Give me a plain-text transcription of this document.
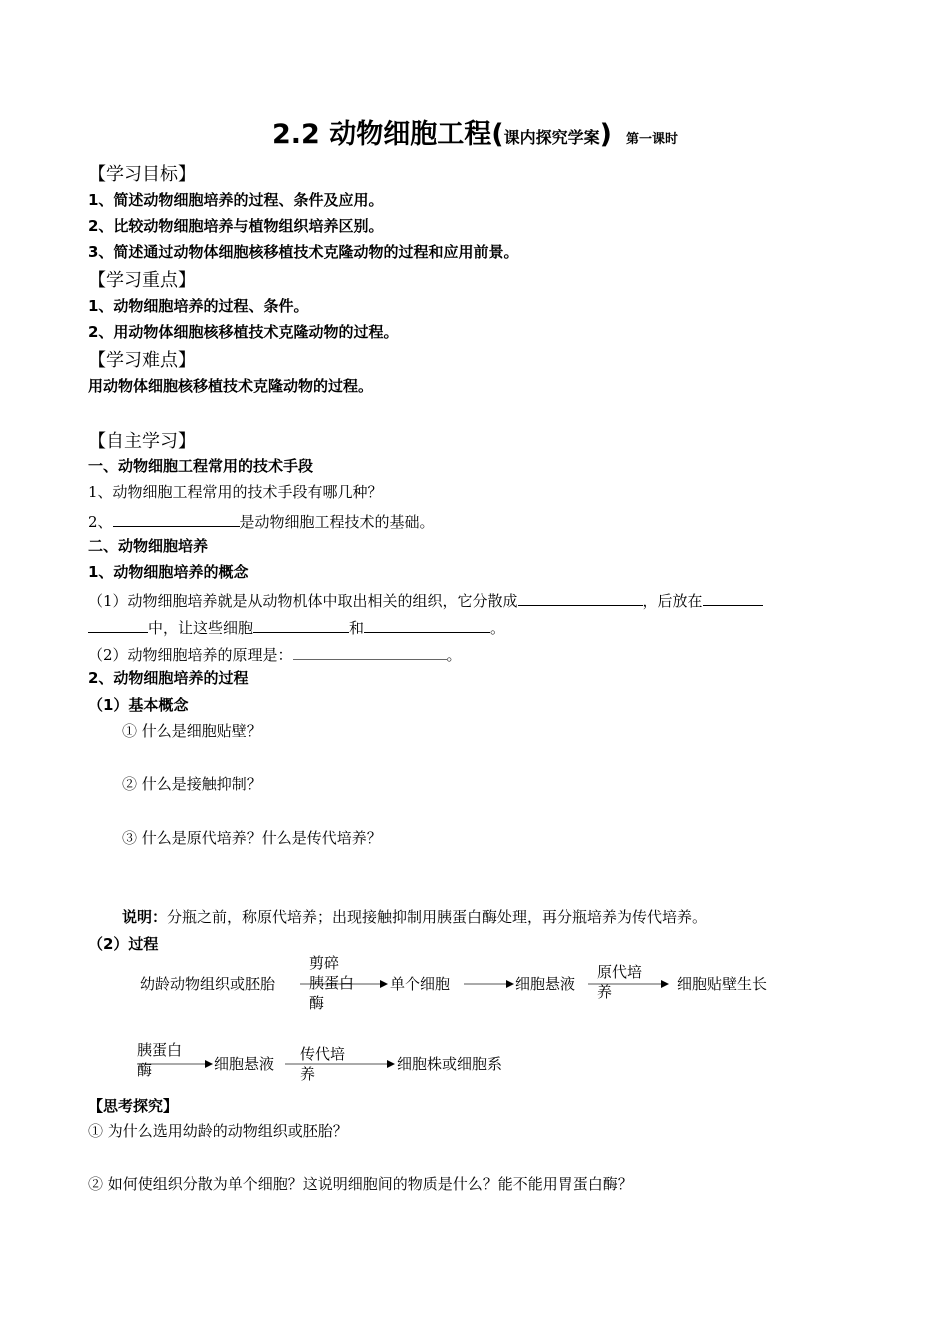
2.2 动物细胞工程(课内探究学案) 第一课时
【学习目标】
1、简述动物细胞培养的过程、条件及应用。
2、比较动物细胞培养与植物组织培养区别。
3、简述通过动物体细胞核移植技术克隆动物的过程和应用前景。
【学习重点】
1、动物细胞培养的过程、条件。
2、用动物体细胞核移植技术克隆动物的过程。
【学习难点】
用动物体细胞核移植技术克隆动物的过程。
【自主学习】
一、动物细胞工程常用的技术手段
1、动物细胞工程常用的技术手段有哪几种？
2、	是动物细胞工程技术的基础。
二、动物细胞培养
1、动物细胞培养的概念
（1）动物细胞培养就是从动物机体中取出相关的组织，它分散成	，后放在
中，让这些细胞	和	。
（2）动物细胞培养的原理是：	。
2、动物细胞培养的过程
（1）基本概念
① 什么是细胞贴壁？
② 什么是接触抑制？
③ 什么是原代培养？什么是传代培养？
说明：分瓶之前，称原代培养；出现接触抑制用胰蛋白酶处理，再分瓶培养为传代培养。
（2）过程
幼龄动物组织或胚胎
剪碎
胰蛋白
酶
单个细胞	细胞悬液
原代培
养	细胞贴壁生长
胰蛋白
酶	细胞悬液
传代培
养
细胞株或细胞系
【思考探究】
① 为什么选用幼龄的动物组织或胚胎？
② 如何使组织分散为单个细胞？这说明细胞间的物质是什么？能不能用胃蛋白酶？
